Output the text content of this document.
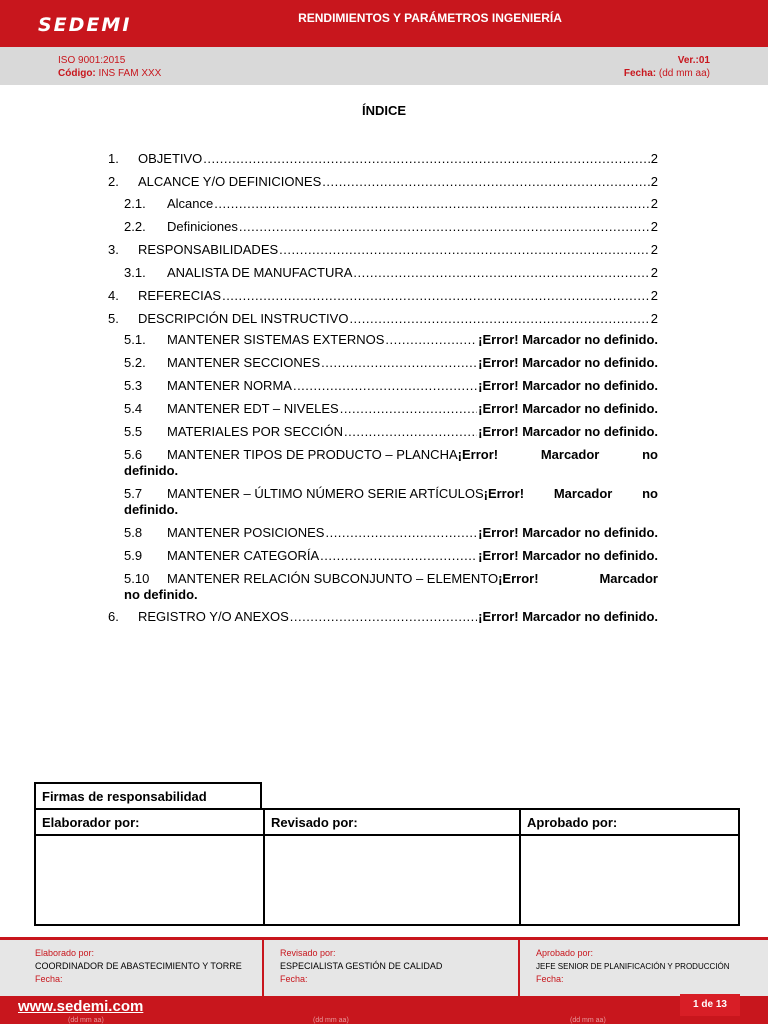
SEDEMI	RENDIMIENTOS Y PARÁMETROS INGENIERÍA
ISO 9001:2015
Código: INS FAM XXX
Ver.:01
Fecha: (dd mm aa)
ÍNDICE
1.	OBJETIVO .....	2
2.	ALCANCE Y/O DEFINICIONES .....	2
2.1.	Alcance .....	2
2.2.	Definiciones .....	2
3.	RESPONSABILIDADES .....	2
3.1.	ANALISTA DE MANUFACTURA .....	2
4.	REFERECIAS .....	2
5.	DESCRIPCIÓN DEL INSTRUCTIVO .....	2
5.1.	MANTENER SISTEMAS EXTERNOS .....	¡Error! Marcador no definido.
5.2.	MANTENER SECCIONES .....	¡Error! Marcador no definido.
5.3	MANTENER NORMA .....	¡Error! Marcador no definido.
5.4	MANTENER EDT – NIVELES .....	¡Error! Marcador no definido.
5.5	MATERIALES POR SECCIÓN .....	¡Error! Marcador no definido.
5.6 MANTENER TIPOS DE PRODUCTO – PLANCHA¡Error!	Marcador	no
definido.
5.7 MANTENER – ÚLTIMO NÚMERO SERIE ARTÍCULOS¡Error! Marcador no
definido.
5.8	MANTENER POSICIONES .....	¡Error! Marcador no definido.
5.9	MANTENER CATEGORÍA .....	¡Error! Marcador no definido.
5.10 MANTENER RELACIÓN SUBCONJUNTO – ELEMENTO¡Error!	Marcador
no definido.
6.	REGISTRO Y/O ANEXOS .....	¡Error! Marcador no definido.
Firmas de responsabilidad
Elaborador por:	Revisado por:	Aprobado por:
Elaborado por:
COORDINADOR DE ABASTECIMIENTO Y TORRE
Fecha:
Revisado por:
ESPECIALISTA GESTIÓN DE CALIDAD
Fecha:
Aprobado por:
JEFE SENIOR DE PLANIFICACIÓN Y PRODUCCIÓN
Fecha:
www.sedemi.com	1 de 13
(dd mm aa)	(dd mm aa)	(dd mm aa)
